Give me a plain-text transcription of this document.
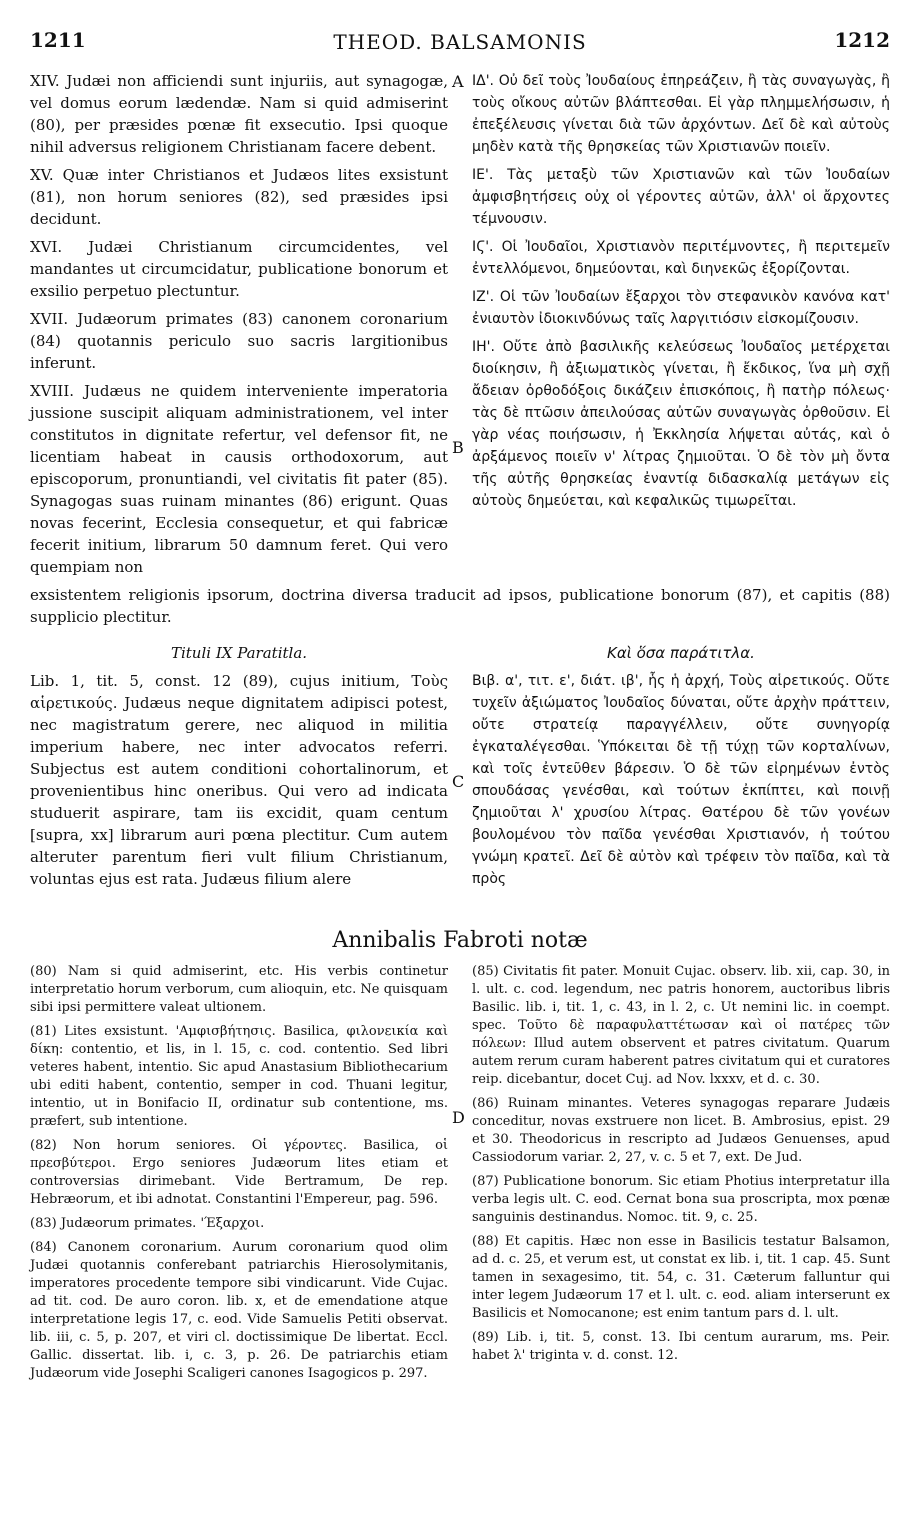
1211	THEOD. BALSAMONIS	1212
A
B
C
D

XIV. Judæi non afficiendi sunt injuriis, aut synagogæ, vel domus eorum lædendæ. Nam si quid admiserint (80), per præsides pœnæ fit exsecutio. Ipsi quoque nihil adversus religionem Christianam facere debent.

XV. Quæ inter Christianos et Judæos lites exsistunt (81), non horum seniores (82), sed præsides ipsi decidunt.

XVI. Judæi Christianum circumcidentes, vel mandantes ut circumcidatur, publicatione bonorum et exsilio perpetuo plectuntur.

XVII. Judæorum primates (83) canonem coronarium (84) quotannis periculo suo sacris largitionibus inferunt.

XVIII. Judæus ne quidem interveniente imperatoria jussione suscipit aliquam administrationem, vel inter constitutos in dignitate refertur, vel defensor fit, ne licentiam habeat in causis orthodoxorum, aut episcoporum, pronuntiandi, vel civitatis fit pater (85). Synagogas suas ruinam minantes (86) erigunt. Quas novas fecerint, Ecclesia consequetur, et qui fabricæ fecerit initium, librarum 50 damnum feret. Qui vero quempiam non

ΙΔ'. Οὐ δεῖ τοὺς Ἰουδαίους ἐπηρεάζειν, ἢ τὰς συναγωγὰς, ἢ τοὺς οἴκους αὐτῶν βλάπτεσθαι. Εἰ γὰρ πλημμελήσωσιν, ἡ ἐπεξέλευσις γίνεται διὰ τῶν ἀρχόντων. Δεῖ δὲ καὶ αὐτοὺς μηδὲν κατὰ τῆς θρησκείας τῶν Χριστιανῶν ποιεῖν.

ΙΕ'. Τὰς μεταξὺ τῶν Χριστιανῶν καὶ τῶν Ἰουδαίων ἀμφισβητήσεις οὐχ οἱ γέροντες αὐτῶν, ἀλλ' οἱ ἄρχοντες τέμνουσιν.

ΙϚ'. Οἱ Ἰουδαῖοι, Χριστιανὸν περιτέμνοντες, ἢ περιτεμεῖν ἐντελλόμενοι, δημεύονται, καὶ διηνεκῶς ἐξορίζονται.

ΙΖ'. Οἱ τῶν Ἰουδαίων ἔξαρχοι τὸν στεφανικὸν κανόνα κατ' ἐνιαυτὸν ἰδιοκινδύνως ταῖς λαργιτιόσιν εἰσκομίζουσιν.

ΙΗ'. Οὔτε ἀπὸ βασιλικῆς κελεύσεως Ἰουδαῖος μετέρχεται διοίκησιν, ἢ ἀξιωματικὸς γίνεται, ἢ ἔκδικος, ἵνα μὴ σχῇ ἄδειαν ὀρθοδόξοις δικάζειν ἐπισκόποις, ἢ πατὴρ πόλεως· τὰς δὲ πτῶσιν ἀπειλούσας αὐτῶν συναγωγὰς ὀρθοῦσιν. Εἰ γὰρ νέας ποιήσωσιν, ἡ Ἐκκλησία λήψεται αὐτάς, καὶ ὁ ἀρξάμενος ποιεῖν ν' λίτρας ζημιοῦται. Ὁ δὲ τὸν μὴ ὄντα τῆς αὐτῆς θρησκείας ἐναντίᾳ διδασκαλίᾳ μετάγων εἰς αὐτοὺς δημεύεται, καὶ κεφαλικῶς τιμωρεῖται.

exsistentem religionis ipsorum, doctrina diversa traducit ad ipsos, publicatione bonorum (87), et capitis (88) supplicio plectitur.

Tituli IX Paratitla.

Lib. 1, tit. 5, const. 12 (89), cujus initium, Τοὺς αἱρετικούς. Judæus neque dignitatem adipisci potest, nec magistratum gerere, nec aliquod in militia imperium habere, nec inter advocatos referri. Subjectus est autem conditioni cohortalinorum, et provenientibus hinc oneribus. Qui vero ad indicata studuerit aspirare, tam iis excidit, quam centum [supra, xx] librarum auri pœna plectitur. Cum autem alteruter parentum fieri vult filium Christianum, voluntas ejus est rata. Judæus filium alere

Καὶ ὅσα παράτιτλα.

Βιβ. α', τιτ. ε', διάτ. ιβ', ἧς ἡ ἀρχή, Τοὺς αἱρετικούς. Οὔτε τυχεῖν ἀξιώματος Ἰουδαῖος δύναται, οὔτε ἀρχὴν πράττειν, οὔτε στρατείᾳ παραγγέλλειν, οὔτε συνηγορίᾳ ἐγκαταλέγεσθαι. Ὑπόκειται δὲ τῇ τύχῃ τῶν κορταλίνων, καὶ τοῖς ἐντεῦθεν βάρεσιν. Ὁ δὲ τῶν εἰρημένων ἐντὸς σπουδάσας γενέσθαι, καὶ τούτων ἐκπίπτει, καὶ ποινῇ ζημιοῦται λ' χρυσίου λίτρας. Θατέρου δὲ τῶν γονέων βουλομένου τὸν παῖδα γενέσθαι Χριστιανόν, ἡ τούτου γνώμη κρατεῖ. Δεῖ δὲ αὐτὸν καὶ τρέφειν τὸν παῖδα, καὶ τὰ πρὸς

Annibalis Fabroti notæ

(80) Nam si quid admiserint, etc. His verbis continetur interpretatio horum verborum, cum alioquin, etc. Ne quisquam sibi ipsi permittere valeat ultionem.

(81) Lites exsistunt. 'Αμφισβήτησις. Basilica, φιλονεικία καὶ δίκη: contentio, et lis, in l. 15, c. cod. contentio. Sed libri veteres habent, intentio. Sic apud Anastasium Bibliothecarium ubi editi habent, contentio, semper in cod. Thuani legitur, intentio, ut in Bonifacio II, ordinatur sub contentione, ms. præfert, sub intentione.

(82) Non horum seniores. Οἱ γέροντες. Basilica, οἱ πρεσβύτεροι. Ergo seniores Judæorum lites etiam et controversias dirimebant. Vide Bertramum, De rep. Hebræorum, et ibi adnotat. Constantini l'Empereur, pag. 596.

(83) Judæorum primates. 'Έξαρχοι.

(84) Canonem coronarium. Aurum coronarium quod olim Judæi quotannis conferebant patriarchis Hierosolymitanis, imperatores procedente tempore sibi vindicarunt. Vide Cujac. ad tit. cod. De auro coron. lib. x, et de emendatione atque interpretatione legis 17, c. eod. Vide Samuelis Petiti observat. lib. iii, c. 5, p. 207, et viri cl. doctissimique De libertat. Eccl. Gallic. dissertat. lib. i, c. 3, p. 26. De patriarchis etiam Judæorum vide Josephi Scaligeri canones Isagogicos p. 297.

(85) Civitatis fit pater. Monuit Cujac. observ. lib. xii, cap. 30, in l. ult. c. cod. legendum, nec patris honorem, auctoribus libris Basilic. lib. i, tit. 1, c. 43, in l. 2, c. Ut nemini lic. in coempt. spec. Τοῦτο δὲ παραφυλαττέτωσαν καὶ οἱ πατέρες τῶν πόλεων: Illud autem observent et patres civitatum. Quarum autem rerum curam haberent patres civitatum qui et curatores reip. dicebantur, docet Cuj. ad Nov. lxxxv, et d. c. 30.

(86) Ruinam minantes. Veteres synagogas reparare Judæis conceditur, novas exstruere non licet. B. Ambrosius, epist. 29 et 30. Theodoricus in rescripto ad Judæos Genuenses, apud Cassiodorum variar. 2, 27, v. c. 5 et 7, ext. De Jud.

(87) Publicatione bonorum. Sic etiam Photius interpretatur illa verba legis ult. C. eod. Cernat bona sua proscripta, mox pœnæ sanguinis destinandus. Nomoc. tit. 9, c. 25.

(88) Et capitis. Hæc non esse in Basilicis testatur Balsamon, ad d. c. 25, et verum est, ut constat ex lib. i, tit. 1 cap. 45. Sunt tamen in sexagesimo, tit. 54, c. 31. Cæterum falluntur qui inter legem Judæorum 17 et l. ult. c. eod. aliam interserunt ex Basilicis et Nomocanone; est enim tantum pars d. l. ult.

(89) Lib. i, tit. 5, const. 13. Ibi centum aurarum, ms. Peir. habet λ' triginta v. d. const. 12.
